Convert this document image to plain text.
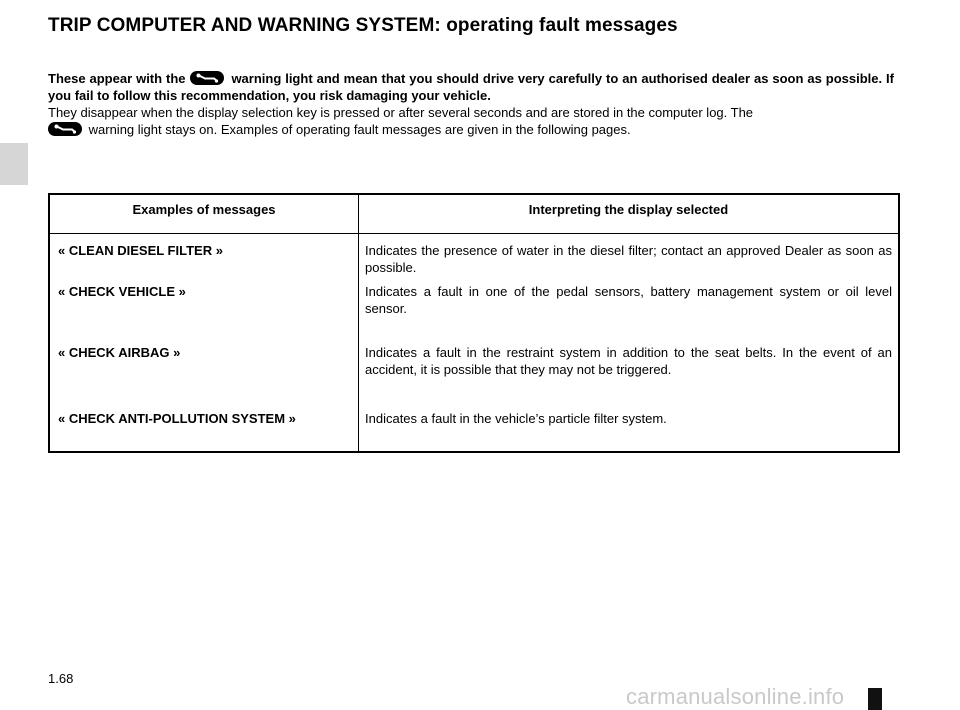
TRIP COMPUTER AND WARNING SYSTEM: operating fault messages

These appear with the	warning light and mean that you should drive very carefully to an authorised dealer as soon as possible. If you fail to follow this recommendation, you risk damaging your vehicle.

They disappear when the display selection key is pressed or after several seconds and are stored in the computer log. The

warning light stays on. Examples of operating fault messages are given in the following pages.

Examples of messages	Interpreting the display selected
« CLEAN DIESEL FILTER »	Indicates the presence of water in the diesel filter; contact an approved Dealer as soon as possible.
« CHECK VEHICLE »	Indicates a fault in one of the pedal sensors, battery management system or oil level sensor.
« CHECK AIRBAG »	Indicates a fault in the restraint system in addition to the seat belts. In the event of an accident, it is possible that they may not be triggered.
« CHECK ANTI-POLLUTION SYSTEM »	Indicates a fault in the vehicle’s particle filter system.
1.68
carmanualsonline.info
